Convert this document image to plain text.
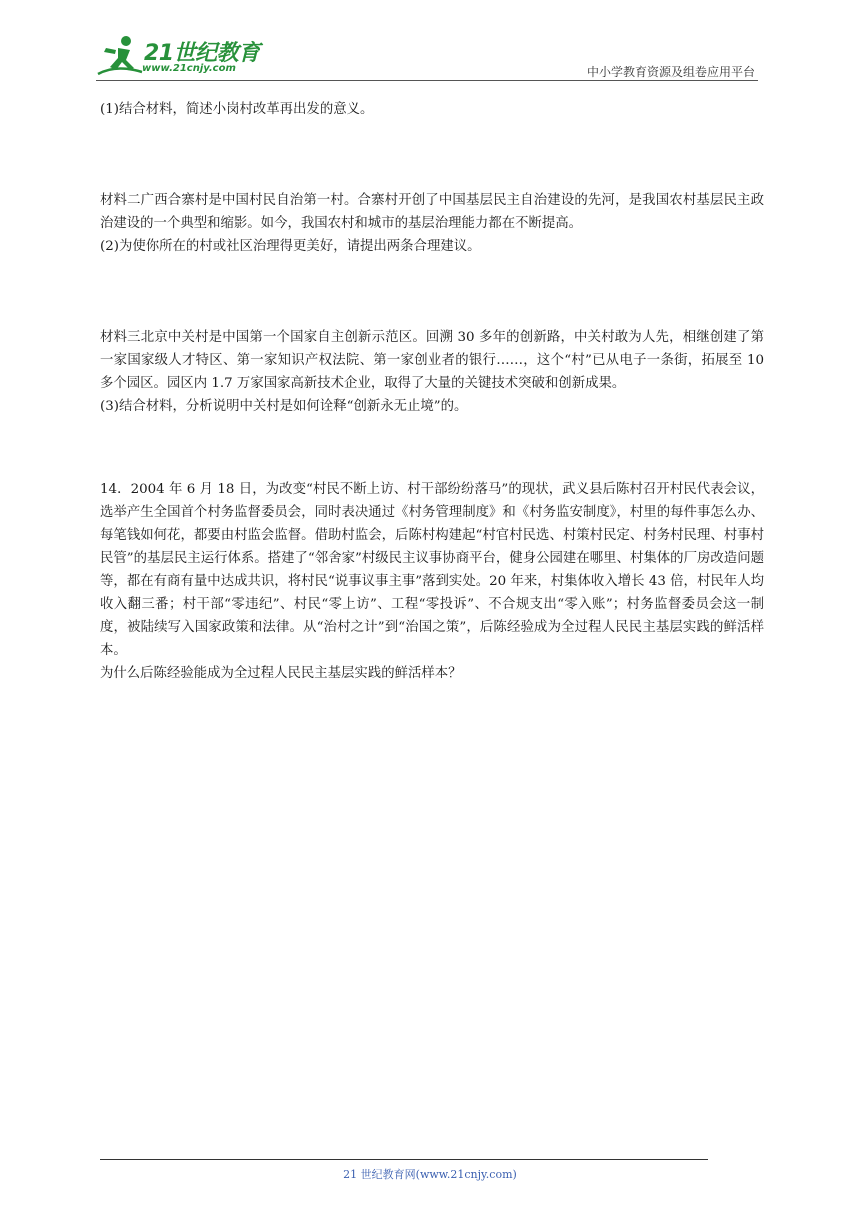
21世纪教育
www.21cnjy.com	中小学教育资源及组卷应用平台

(1)结合材料，简述小岗村改革再出发的意义。

材料二广西合寨村是中国村民自治第一村。合寨村开创了中国基层民主自治建设的先河，是我国农村基层民主政治建设的一个典型和缩影。如今，我国农村和城市的基层治理能力都在不断提高。

(2)为使你所在的村或社区治理得更美好，请提出两条合理建议。

材料三北京中关村是中国第一个国家自主创新示范区。回溯 30 多年的创新路，中关村敢为人先，相继创建了第一家国家级人才特区、第一家知识产权法院、第一家创业者的银行……，这个“村”已从电子一条街，拓展至 10 多个园区。园区内 1.7 万家国家高新技术企业，取得了大量的关键技术突破和创新成果。

(3)结合材料，分析说明中关村是如何诠释“创新永无止境”的。

14．2004 年 6 月 18 日，为改变“村民不断上访、村干部纷纷落马”的现状，武义县后陈村召开村民代表会议，选举产生全国首个村务监督委员会，同时表决通过《村务管理制度》和《村务监安制度》，村里的每件事怎么办、每笔钱如何花，都要由村监会监督。借助村监会，后陈村构建起“村官村民选、村策村民定、村务村民理、村事村民管”的基层民主运行体系。搭建了“邻舍家”村级民主议事协商平台，健身公园建在哪里、村集体的厂房改造问题等，都在有商有量中达成共识，将村民“说事议事主事”落到实处。20 年来，村集体收入增长 43 倍，村民年人均收入翻三番；村干部“零违纪”、村民“零上访”、工程“零投诉”、不合规支出“零入账”；村务监督委员会这一制度，被陆续写入国家政策和法律。从“治村之计”到“治国之策”，后陈经验成为全过程人民民主基层实践的鲜活样本。

为什么后陈经验能成为全过程人民民主基层实践的鲜活样本？

21 世纪教育网(www.21cnjy.com)
